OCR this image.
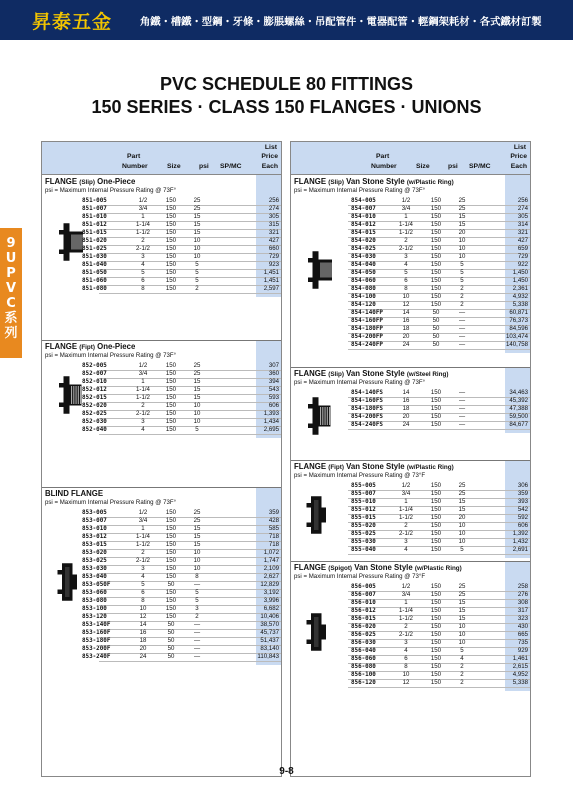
昇泰五金	角鐵・槽鐵・型鋼・牙條・膨脹螺絲・吊配管件・電器配管・輕鋼架耗材・各式鐵材訂製
PVC SCHEDULE 80 FITTINGS
150 SERIES · CLASS 150 FLANGES · UNIONS
9
U
P
V
C
系
列
List
Part	Price
Number	Size	psi SP/MC	Each
FLANGE (Slip) One-Piece
psi = Maximum Internal Pressure Rating @ 73F°
851-005	1/2	150	25	256
851-007	3/4	150	25	274
851-010	1	150	15	305
851-012	1-1/4	150	15	315
851-015	1-1/2	150	15	321
851-020	2	150	10	427
851-025	2-1/2	150	10	660
851-030	3	150	10	729
851-040	4	150	5	923
851-050	5	150	5	1,451
851-060	6	150	5	1,451
851-080	8	150	2	2,597
FLANGE (Fipt) One-Piece
psi = Maximum Internal Pressure Rating @ 73F°
852-005	1/2	150	25	307
852-007	3/4	150	25	360
852-010	1	150	15	394
852-012	1-1/4	150	15	543
852-015	1-1/2	150	15	593
852-020	2	150	10	606
852-025	2-1/2	150	10	1,393
852-030	3	150	10	1,434
852-040	4	150	5	2,695
BLIND FLANGE
psi = Maximum Internal Pressure Rating @ 73F°
853-005	1/2	150	25	359
853-007	3/4	150	25	428
853-010	1	150	15	585
853-012	1-1/4	150	15	718
853-015	1-1/2	150	15	718
853-020	2	150	10	1,072
853-025	2-1/2	150	10	1,747
853-030	3	150	10	2,109
853-040	4	150	8	2,627
853-050F	5	50	—	12,829
853-060	6	150	5	3,192
853-080	8	150	5	3,996
853-100	10	150	3	6,682
853-120	12	150	2	10,406
853-140F	14	50	—	38,570
853-160F	16	50	—	45,737
853-180F	18	50	—	51,437
853-200F	20	50	—	83,140
853-240F	24	50	—	110,843
List
Part	Price
Number	Size	psi SP/MC	Each
FLANGE (Slip) Van Stone Style (w/Plastic Ring)
psi = Maximum Internal Pressure Rating @ 73F°
854-005	1/2	150	25	256
854-007	3/4	150	25	274
854-010	1	150	15	305
854-012	1-1/4	150	15	314
854-015	1-1/2	150	20	321
854-020	2	150	10	427
854-025	2-1/2	150	10	659
854-030	3	150	10	729
854-040	4	150	5	922
854-050	5	150	5	1,450
854-060	6	150	5	1,450
854-080	8	150	2	2,361
854-100	10	150	2	4,932
854-120	12	150	2	5,338
854-140FP	14	50	—	60,871
854-160FP	16	50	—	76,373
854-180FP	18	50	—	84,596
854-200FP	20	50	—	103,474
854-240FP	24	50	—	140,758
FLANGE (Slip) Van Stone Style (w/Steel Ring)
psi = Maximum Internal Pressure Rating @ 73F°
854-140FS	14	150	—	34,463
854-160FS	16	150	—	45,392
854-180FS	18	150	—	47,388
854-200FS	20	150	—	59,500
854-240FS	24	150	—	84,677
FLANGE (Fipt) Van Stone Style (w/Plastic Ring)
psi = Maximum Internal Pressure Rating @ 73°F
855-005	1/2	150	25	306
855-007	3/4	150	25	359
855-010	1	150	15	393
855-012	1-1/4	150	15	542
855-015	1-1/2	150	20	592
855-020	2	150	10	606
855-025	2-1/2	150	10	1,392
855-030	3	150	10	1,432
855-040	4	150	5	2,691
FLANGE (Spigot) Van Stone Style (w/Plastic Ring)
psi = Maximum Internal Pressure Rating @ 73°F
856-005	1/2	150	25	258
856-007	3/4	150	25	276
856-010	1	150	15	308
856-012	1-1/4	150	15	317
856-015	1-1/2	150	15	323
856-020	2	150	10	430
856-025	2-1/2	150	10	665
856-030	3	150	10	735
856-040	4	150	5	929
856-060	6	150	4	1,461
856-080	8	150	2	2,615
856-100	10	150	2	4,952
856-120	12	150	2	5,338
9-8
